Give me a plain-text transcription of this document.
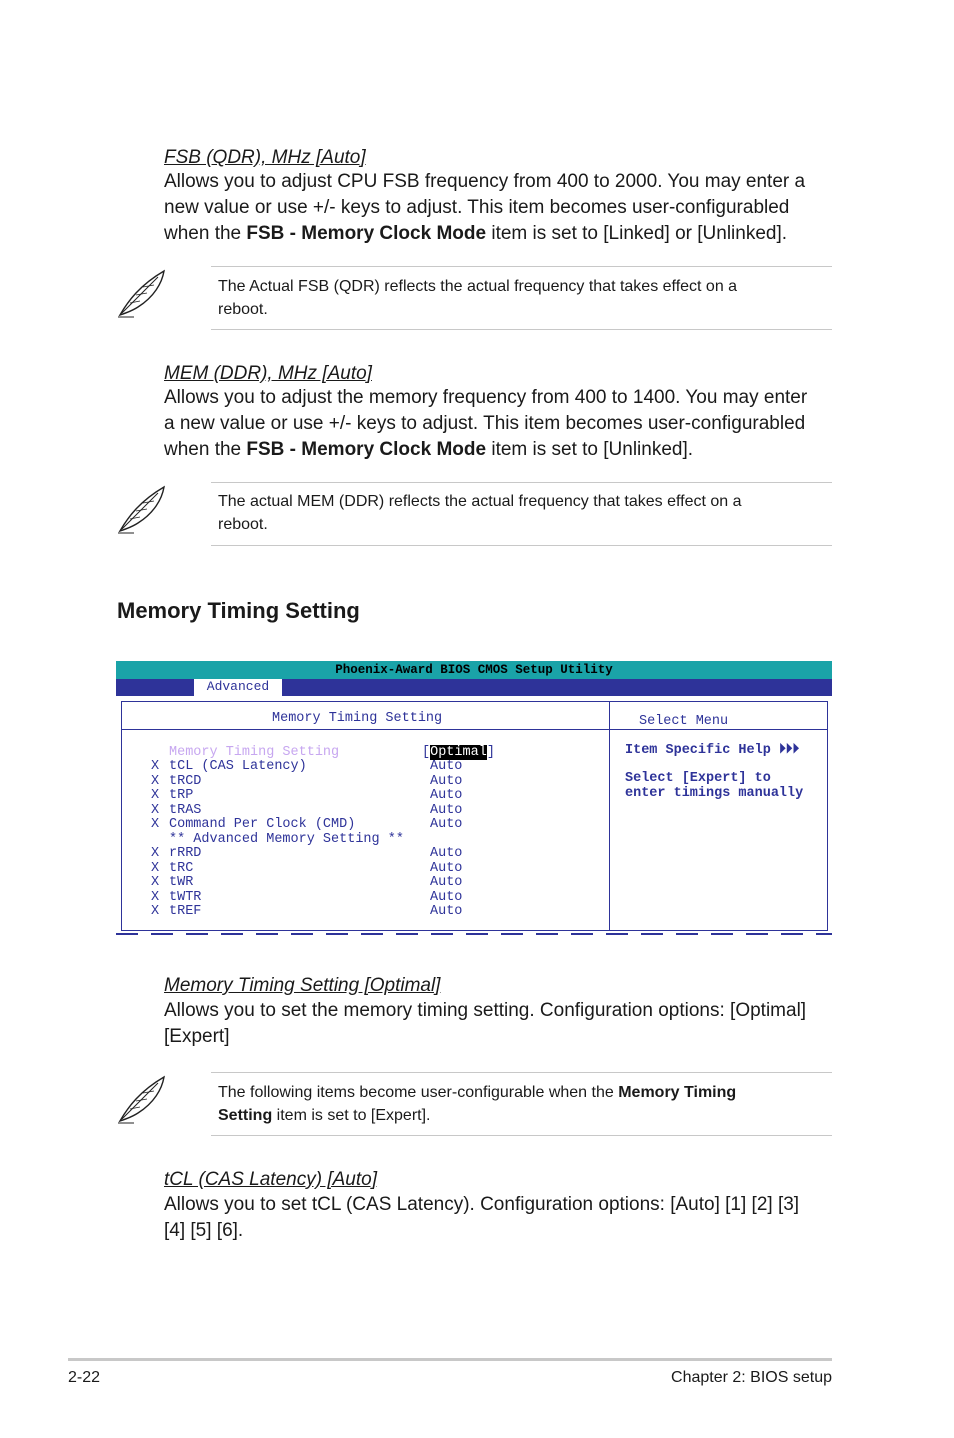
FSB (QDR), MHz [Auto]
Allows you to adjust CPU FSB frequency from 400 to 2000. You may enter a
new value or use +/- keys to adjust. This item becomes user-configurabled
when the FSB - Memory Clock Mode item is set to [Linked] or [Unlinked].
The Actual FSB (QDR) reflects the actual frequency that takes effect on a
reboot.
MEM (DDR), MHz [Auto]
Allows you to adjust the memory frequency from 400 to 1400. You may enter
a new value or use +/- keys to adjust. This item becomes user-configurabled
when the FSB - Memory Clock Mode item is set to [Unlinked].
The actual MEM (DDR) reflects the actual frequency that takes effect on a
reboot.
Memory Timing Setting
Phoenix-Award BIOS CMOS Setup Utility
Advanced
Memory Timing Setting
Memory Timing Setting	[Optimal]
X tCL (CAS Latency)	Auto
X tRCD	Auto
X tRP	Auto
X tRAS	Auto
X Command Per Clock (CMD)	Auto
** Advanced Memory Setting **
X rRRD	Auto
X tRC	Auto
X tWR	Auto
X tWTR	Auto
X tREF	Auto
Select Menu
Item Specific Help ⏵⏵⏵
Select [Expert] to
enter timings manually
Memory Timing Setting [Optimal]
Allows you to set the memory timing setting. Configuration options: [Optimal]
[Expert]
The following items become user-configurable when the Memory Timing
Setting item is set to [Expert].
tCL (CAS Latency) [Auto]
Allows you to set tCL (CAS Latency). Configuration options: [Auto] [1] [2] [3]
[4] [5] [6].
2-22	Chapter 2: BIOS setup
